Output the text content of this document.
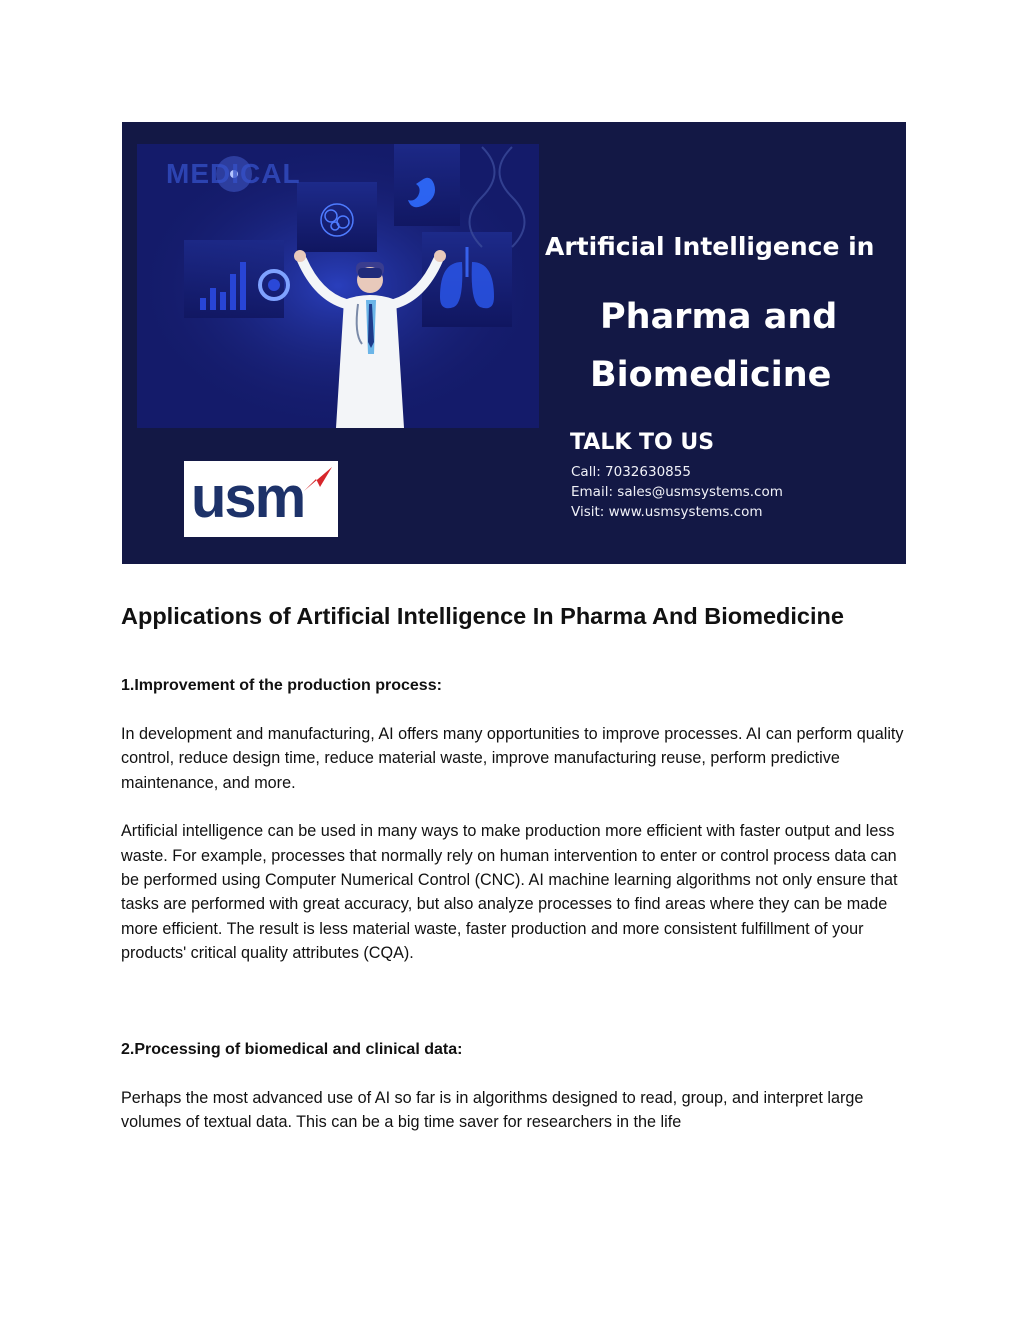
MEDICAL
Artificial Intelligence in
Pharma and
Biomedicine
TALK TO US
Call: 7032630855
Email: sales@usmsystems.com
Visit: www.usmsystems.com
usm
Applications of Artificial Intelligence In Pharma And Biomedicine
1.Improvement of the production process:

In development and manufacturing, AI offers many opportunities to improve processes. AI can perform quality control, reduce design time, reduce material waste, improve manufacturing reuse, perform predictive maintenance, and more.

Artificial intelligence can be used in many ways to make production more efficient with faster output and less waste. For example, processes that normally rely on human intervention to enter or control process data can be performed using Computer Numerical Control (CNC). AI machine learning algorithms not only ensure that tasks are performed with great accuracy, but also analyze processes to find areas where they can be made more efficient. The result is less material waste, faster production and more consistent fulfillment of your products' critical quality attributes (CQA).

2.Processing of biomedical and clinical data:

Perhaps the most advanced use of AI so far is in algorithms designed to read, group, and interpret large volumes of textual data. This can be a big time saver for researchers in the life
